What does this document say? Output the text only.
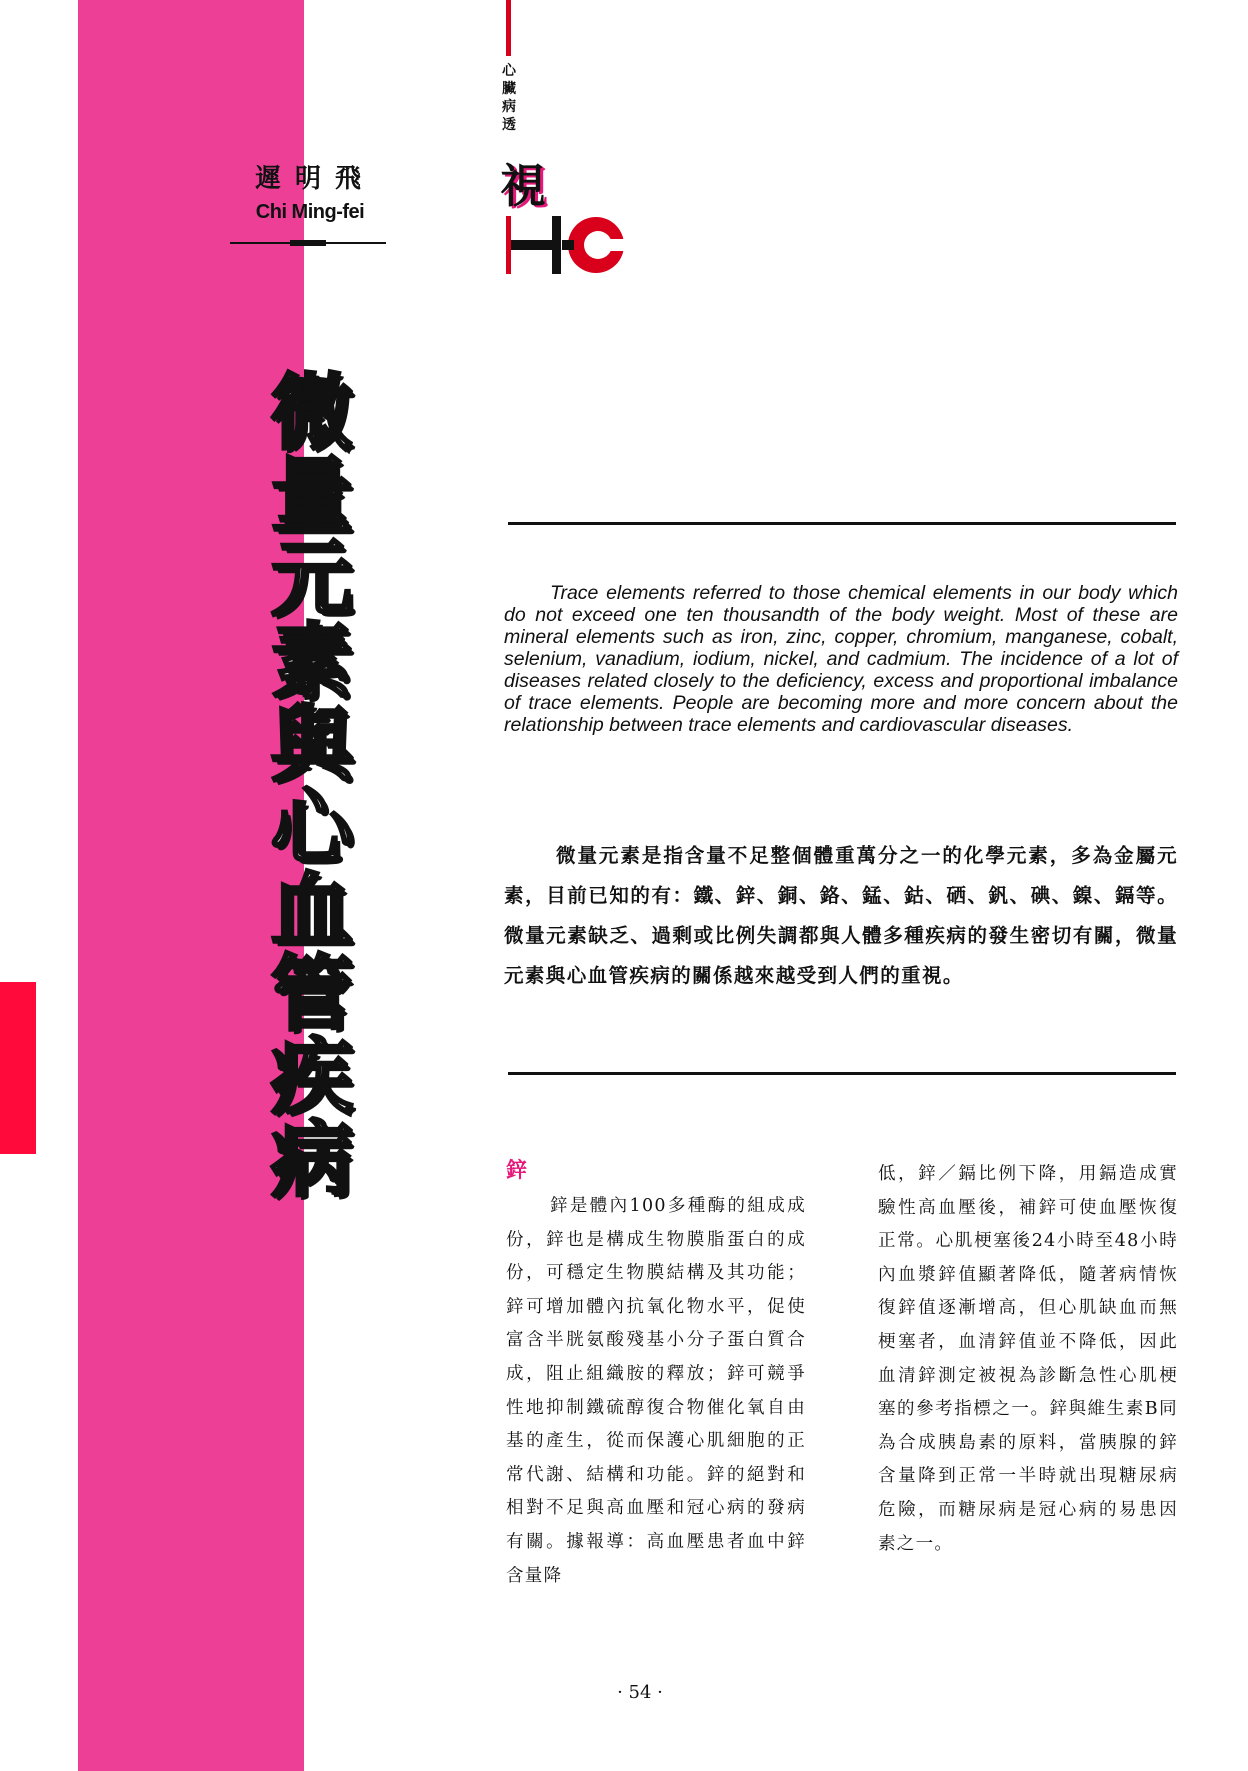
遲明飛
Chi Ming-fei
心臟病透
視
微
量
元
素
與
心
血
管
疾
病

Trace elements referred to those chemical elements in our body which do not exceed one ten thousandth of the body weight. Most of these are mineral elements such as iron, zinc, copper, chromium, manganese, cobalt, selenium, vanadium, iodium, nickel, and cadmium. The incidence of a lot of diseases related closely to the deficiency, excess and proportional imbalance of trace elements. People are becoming more and more concern about the relationship between trace elements and cardiovascular diseases.

微量元素是指含量不足整個體重萬分之一的化學元素，多為金屬元素，目前已知的有：鐵、鋅、銅、鉻、錳、鈷、硒、釩、碘、鎳、鎘等。微量元素缺乏、過剩或比例失調都與人體多種疾病的發生密切有關，微量元素與心血管疾病的關係越來越受到人們的重視。

鋅

鋅是體內100多種酶的組成成份，鋅也是構成生物膜脂蛋白的成份，可穩定生物膜結構及其功能；鋅可增加體內抗氧化物水平，促使富含半胱氨酸殘基小分子蛋白質合成，阻止組織胺的釋放；鋅可競爭性地抑制鐵硫醇復合物催化氧自由基的產生，從而保護心肌細胞的正常代謝、結構和功能。鋅的絕對和相對不足與高血壓和冠心病的發病有關。據報導：高血壓患者血中鋅含量降

低，鋅／鎘比例下降，用鎘造成實驗性高血壓後，補鋅可使血壓恢復正常。心肌梗塞後24小時至48小時內血漿鋅值顯著降低，隨著病情恢復鋅值逐漸增高，但心肌缺血而無梗塞者，血清鋅值並不降低，因此血清鋅測定被視為診斷急性心肌梗塞的參考指標之一。鋅與維生素B同為合成胰島素的原料，當胰腺的鋅含量降到正常一半時就出現糖尿病危險，而糖尿病是冠心病的易患因素之一。

· 54 ·
